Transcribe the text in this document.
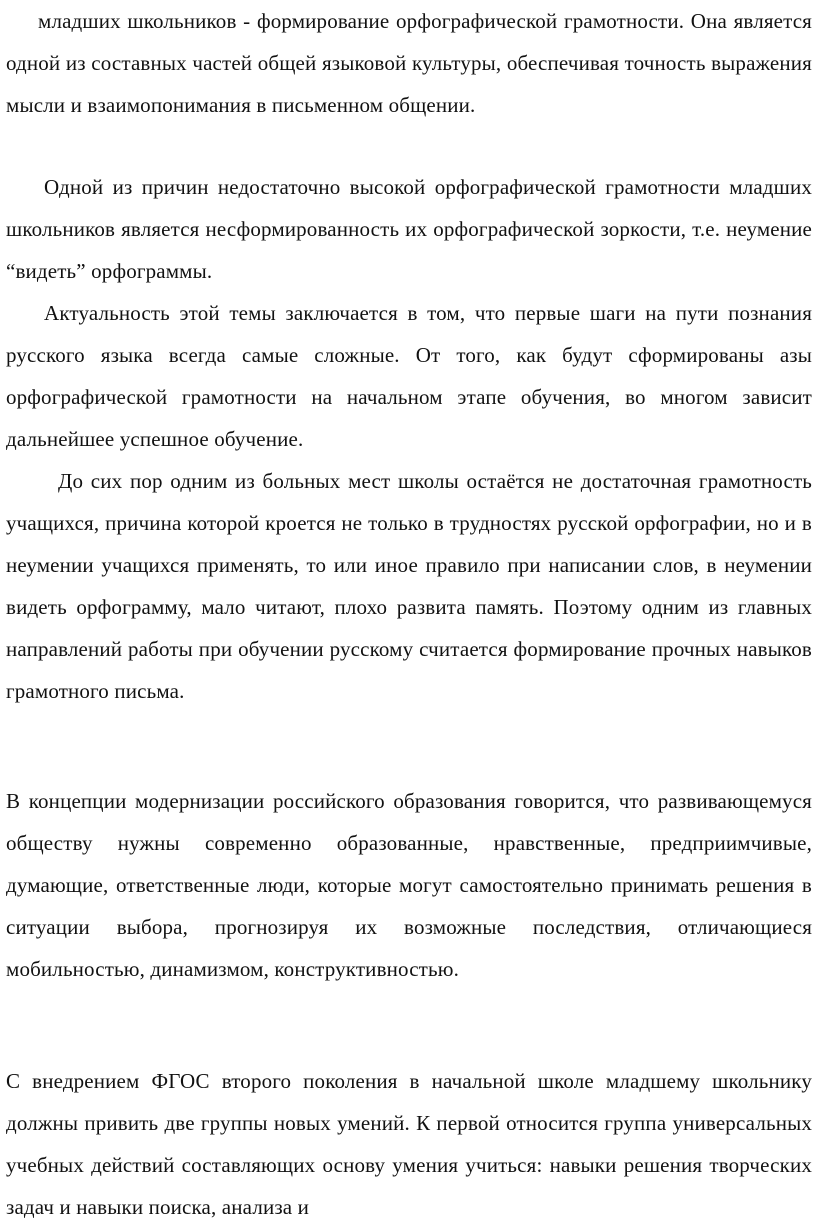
младших школьников - формирование орфографической грамотности. Она является одной из составных частей общей языковой культуры, обеспечивая точность выражения мысли и взаимопонимания в письменном общении.

Одной из причин недостаточно высокой орфографической грамотности младших школьников является несформированность их орфографической зоркости, т.е. неумение “видеть” орфограммы.

Актуальность этой темы заключается в том, что первые шаги на пути познания русского языка всегда самые сложные. От того, как будут сформированы азы орфографической грамотности на начальном этапе обучения, во многом зависит дальнейшее успешное обучение.

До сих пор одним из больных мест школы остаётся не достаточная грамотность учащихся, причина которой кроется не только в трудностях русской орфографии, но и в неумении учащихся применять, то или иное правило при написании слов, в неумении видеть орфограмму, мало читают, плохо развита память. Поэтому одним из главных направлений работы при обучении русскому считается формирование прочных навыков грамотного письма.

В концепции модернизации российского образования говорится, что развивающемуся обществу нужны современно образованные, нравственные, предприимчивые, думающие, ответственные люди, которые могут самостоятельно принимать решения в ситуации выбора, прогнозируя их возможные последствия, отличающиеся мобильностью, динамизмом, конструктивностью.

С внедрением ФГОС второго поколения в начальной школе младшему школьнику должны привить две группы новых умений. К первой относится группа универсальных учебных действий составляющих основу умения учиться: навыки решения творческих задач и навыки поиска, анализа и
